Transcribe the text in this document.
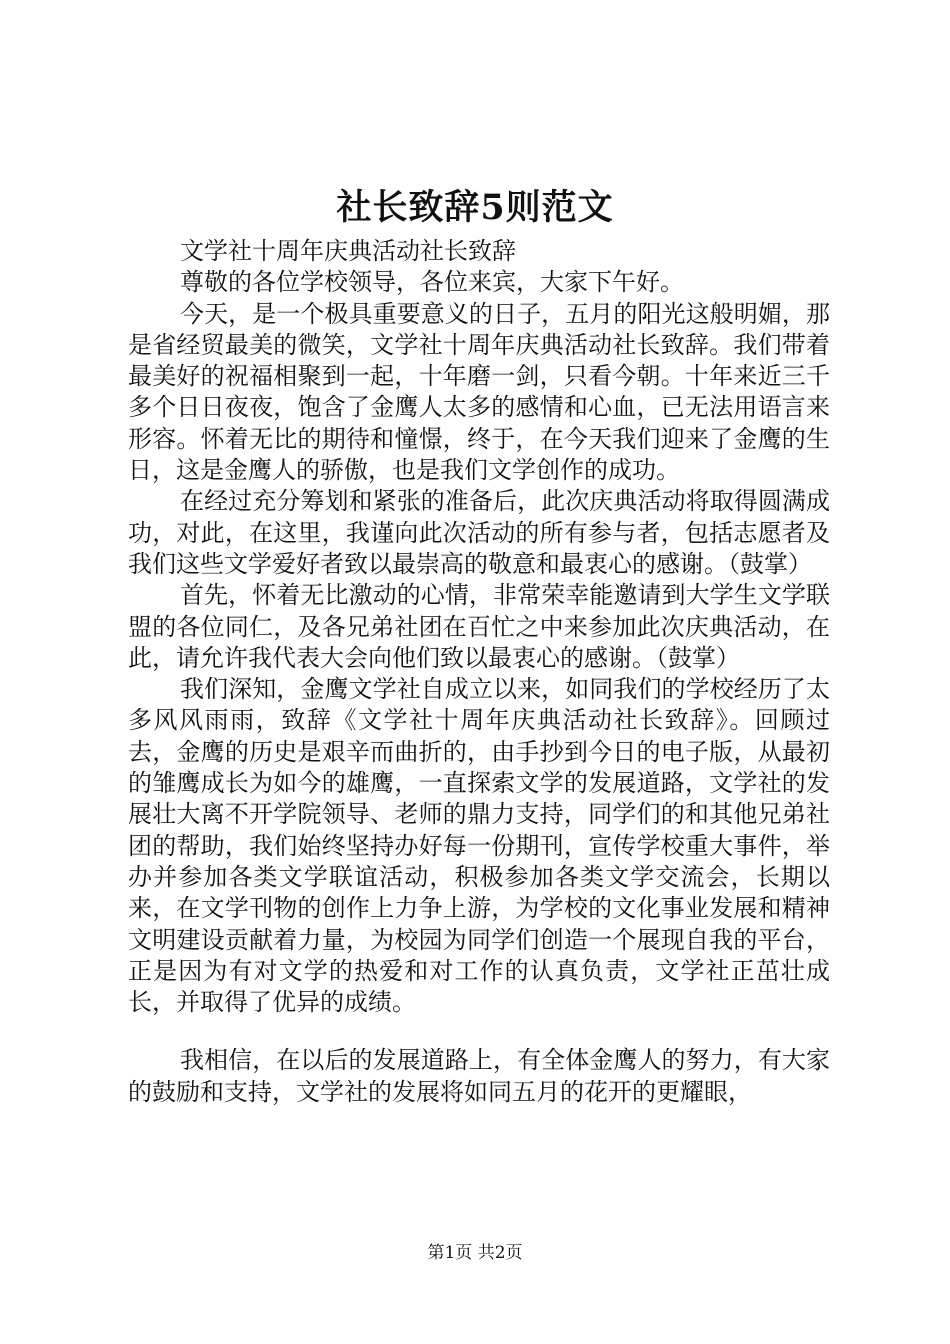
社长致辞5则范文

文学社十周年庆典活动社长致辞

尊敬的各位学校领导，各位来宾，大家下午好。

今天，是一个极具重要意义的日子，五月的阳光这般明媚，那是省经贸最美的微笑，文学社十周年庆典活动社长致辞。我们带着最美好的祝福相聚到一起，十年磨一剑，只看今朝。十年来近三千多个日日夜夜，饱含了金鹰人太多的感情和心血，已无法用语言来形容。怀着无比的期待和憧憬，终于，在今天我们迎来了金鹰的生日，这是金鹰人的骄傲，也是我们文学创作的成功。

在经过充分筹划和紧张的准备后，此次庆典活动将取得圆满成功，对此，在这里，我谨向此次活动的所有参与者，包括志愿者及我们这些文学爱好者致以最崇高的敬意和最衷心的感谢。（鼓掌）

首先，怀着无比激动的心情，非常荣幸能邀请到大学生文学联盟的各位同仁，及各兄弟社团在百忙之中来参加此次庆典活动，在此，请允许我代表大会向他们致以最衷心的感谢。（鼓掌）

我们深知，金鹰文学社自成立以来，如同我们的学校经历了太多风风雨雨，致辞《文学社十周年庆典活动社长致辞》。回顾过去，金鹰的历史是艰辛而曲折的，由手抄到今日的电子版，从最初的雏鹰成长为如今的雄鹰，一直探索文学的发展道路，文学社的发展壮大离不开学院领导、老师的鼎力支持，同学们的和其他兄弟社团的帮助，我们始终坚持办好每一份期刊，宣传学校重大事件，举办并参加各类文学联谊活动，积极参加各类文学交流会，长期以来，在文学刊物的创作上力争上游，为学校的文化事业发展和精神文明建设贡献着力量，为校园为同学们创造一个展现自我的平台，正是因为有对文学的热爱和对工作的认真负责，文学社正茁壮成长，并取得了优异的成绩。

我相信，在以后的发展道路上，有全体金鹰人的努力，有大家的鼓励和支持，文学社的发展将如同五月的花开的更耀眼，

第1页 共2页
